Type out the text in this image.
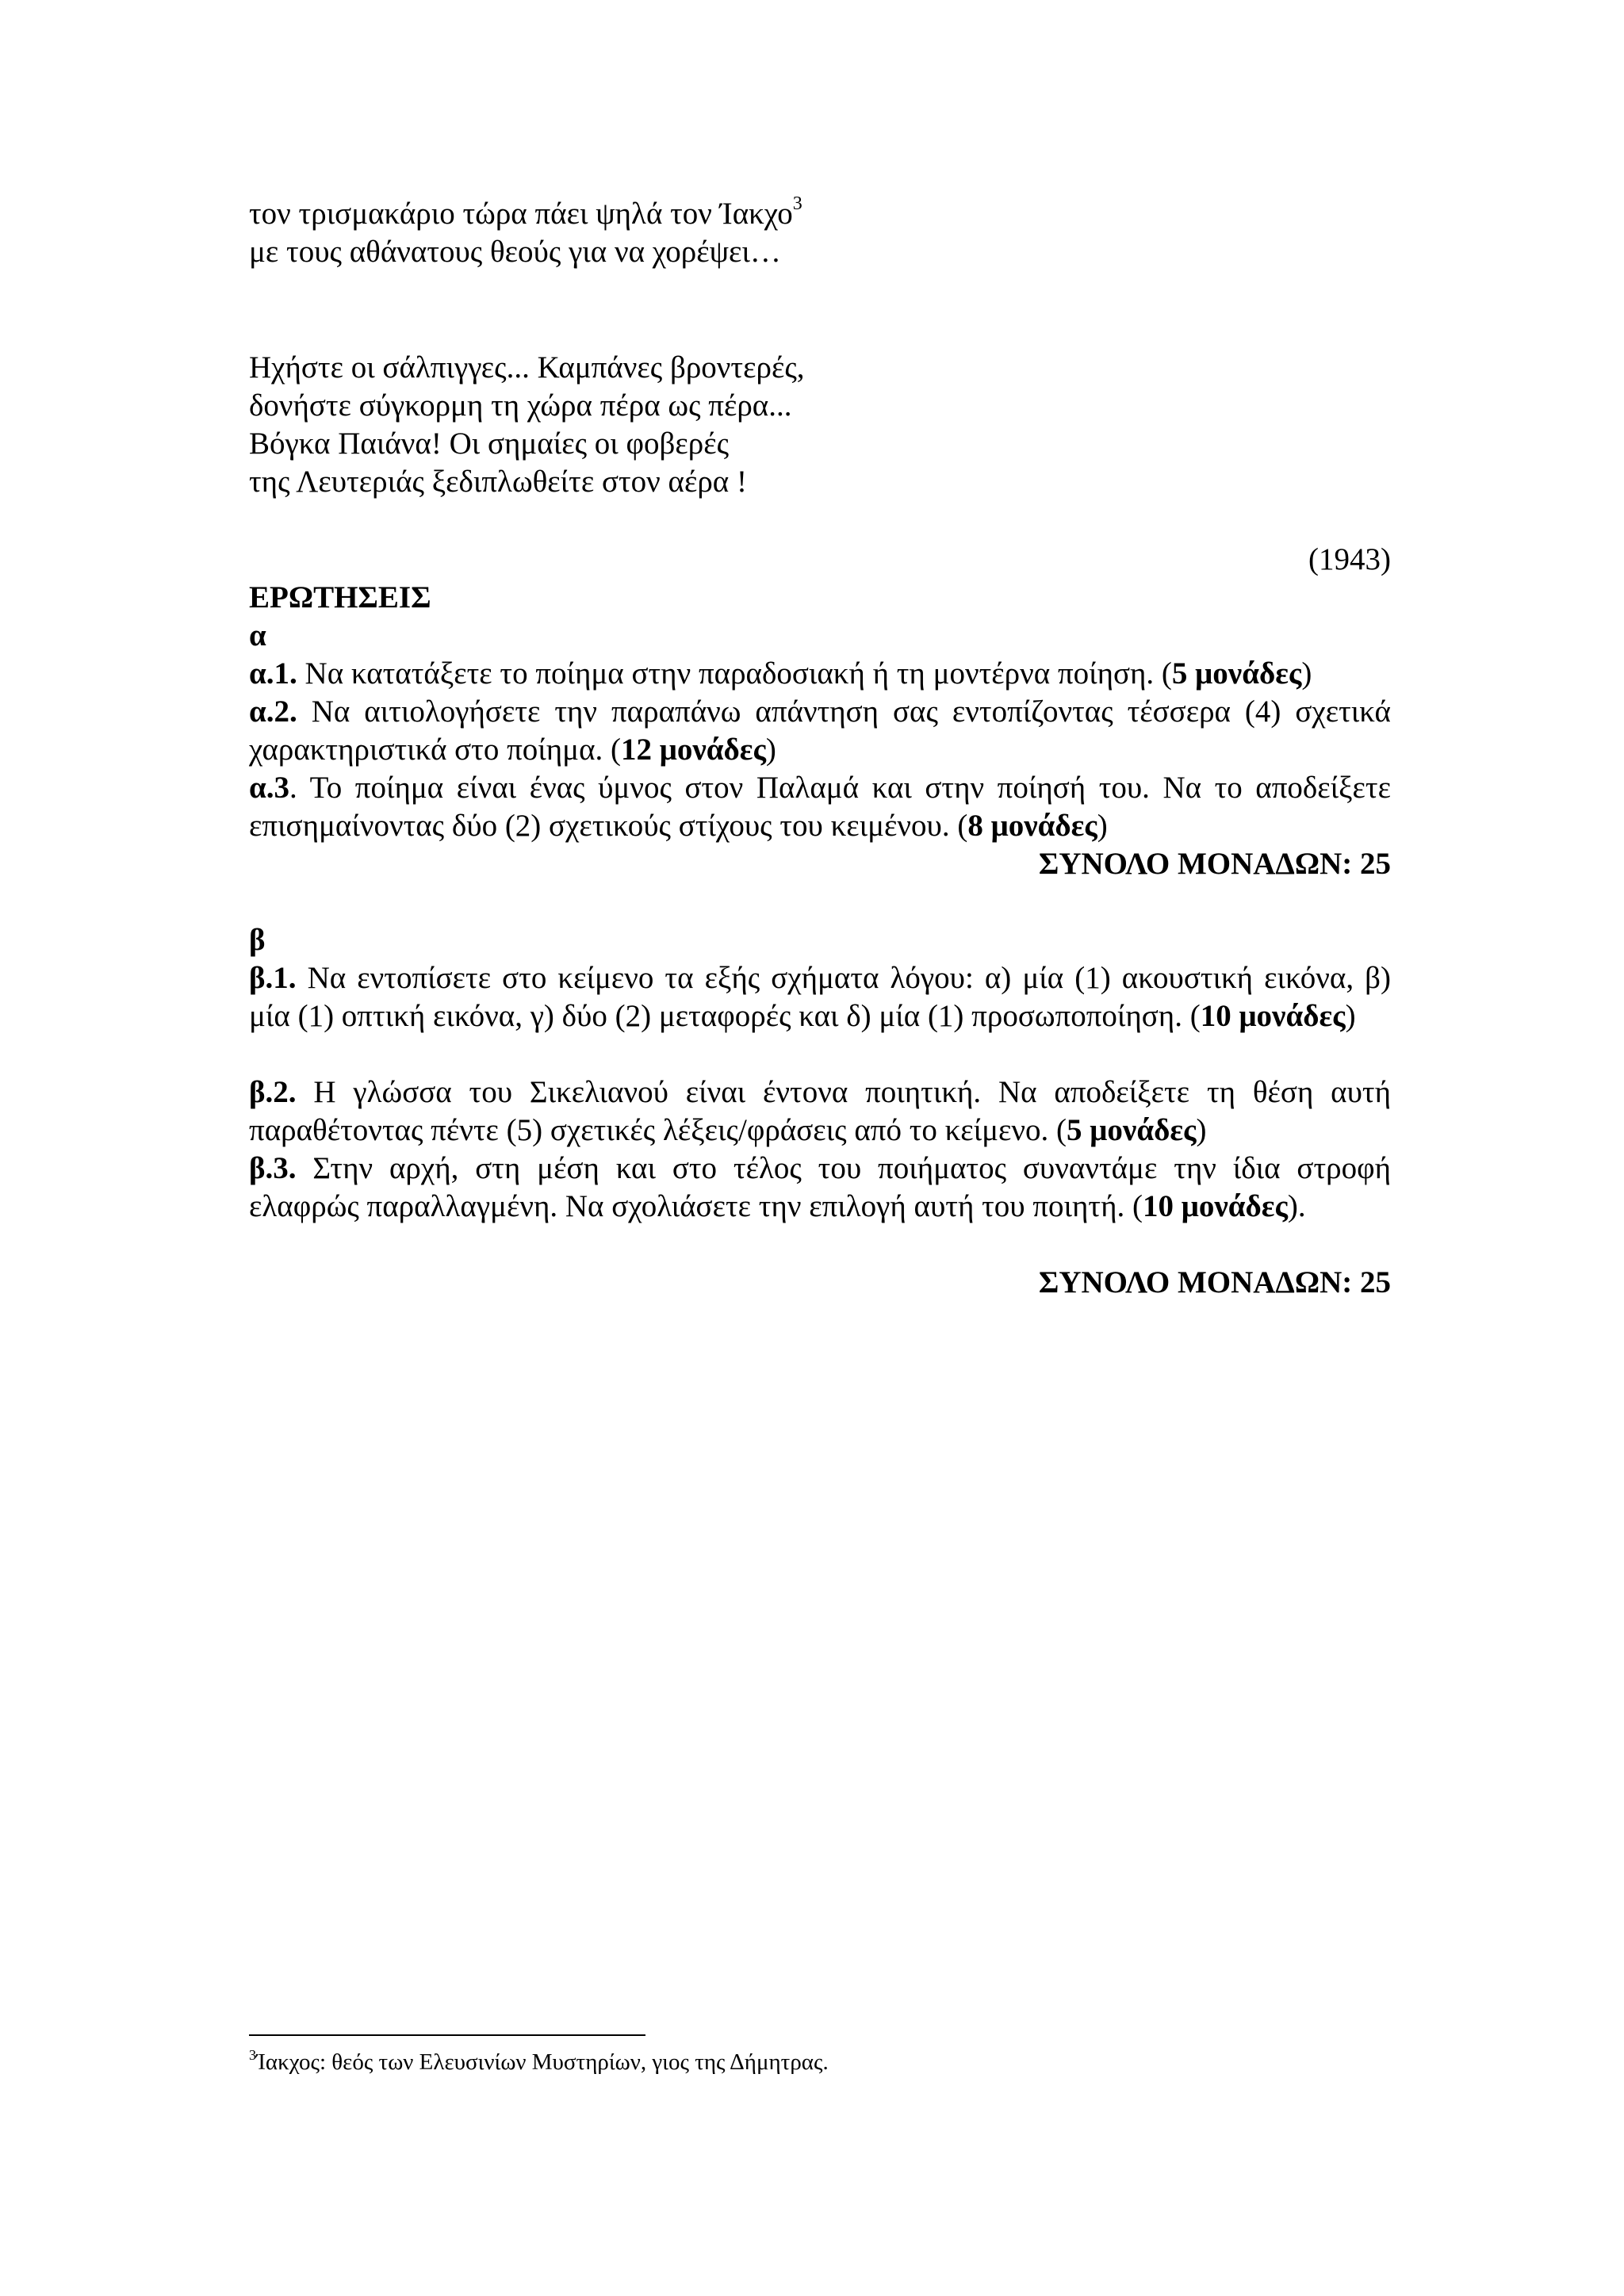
τον τρισμακάριο τώρα πάει ψηλά τον Ίακχο$^3$
με τους αθάνατους θεούς για να χορέψει…
Ηχήστε οι σάλπιγγες... Καμπάνες βροντερές,
δονήστε σύγκορμη τη χώρα πέρα ως πέρα...
Βόγκα Παιάνα! Οι σημαίες οι φοβερές
της Λευτεριάς ξεδιπλωθείτε στον αέρα !
(1943)
ΕΡΩΤΗΣΕΙΣ
α
α.1. Να κατατάξετε το ποίημα στην παραδοσιακή ή τη μοντέρνα ποίηση. (5 μονάδες)
α.2. Να αιτιολογήσετε την παραπάνω απάντηση σας εντοπίζοντας τέσσερα (4) σχετικά χαρακτηριστικά στο ποίημα. (12 μονάδες)
α.3. Το ποίημα είναι ένας ύμνος στον Παλαμά και στην ποίησή του. Να το αποδείξετε επισημαίνοντας δύο (2) σχετικούς στίχους του κειμένου. (8 μονάδες)
ΣΥΝΟΛΟ ΜΟΝΑΔΩΝ: 25
β
β.1. Να εντοπίσετε στο κείμενο τα εξής σχήματα λόγου: α) μία (1) ακουστική εικόνα, β) μία (1) οπτική εικόνα, γ) δύο (2) μεταφορές και δ) μία (1) προσωποποίηση. (10 μονάδες)
β.2. Η γλώσσα του Σικελιανού είναι έντονα ποιητική. Να αποδείξετε τη θέση αυτή παραθέτοντας πέντε (5) σχετικές λέξεις/φράσεις από το κείμενο. (5 μονάδες)
β.3. Στην αρχή, στη μέση και στο τέλος του ποιήματος συναντάμε την ίδια στροφή ελαφρώς παραλλαγμένη. Να σχολιάσετε την επιλογή αυτή του ποιητή. (10 μονάδες).
ΣΥΝΟΛΟ ΜΟΝΑΔΩΝ: 25
$^3$Ίακχος: θεός των Ελευσινίων Μυστηρίων, γιος της Δήμητρας.
